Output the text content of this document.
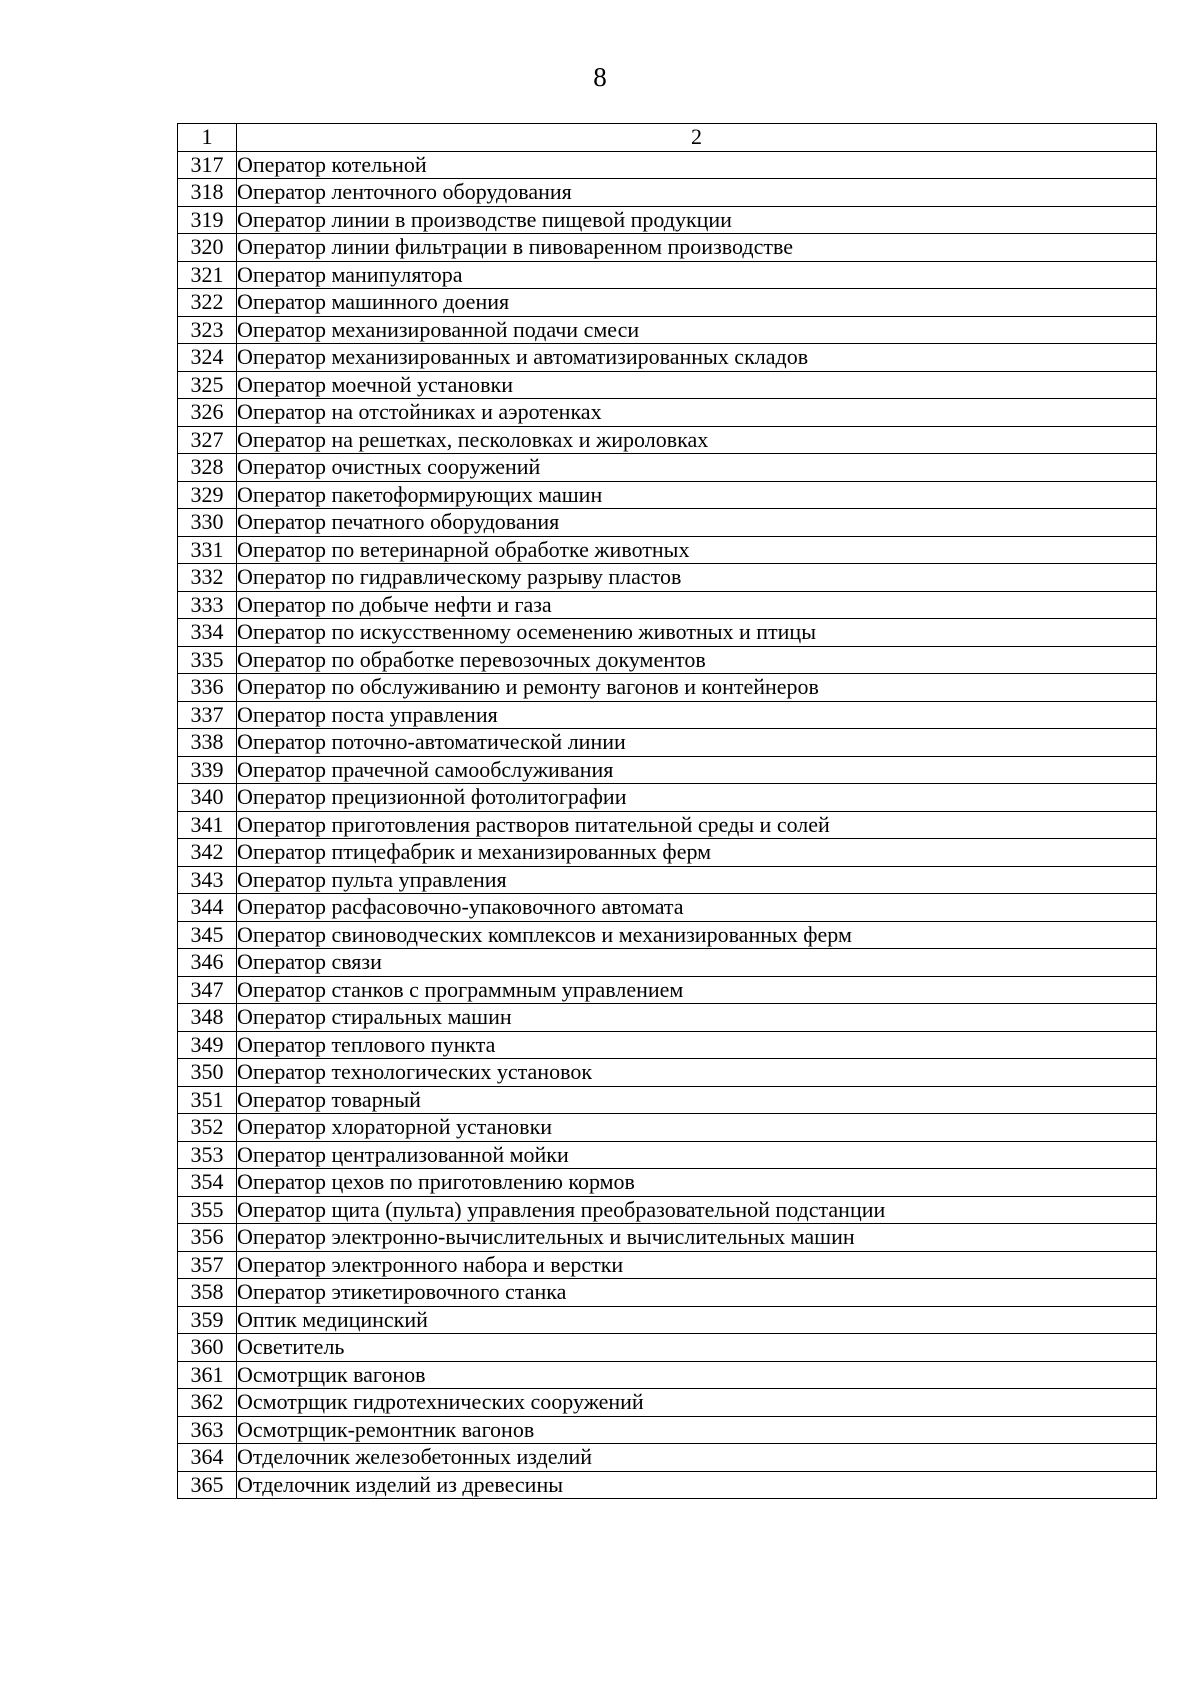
8
1	2
317	Оператор котельной
318	Оператор ленточного оборудования
319	Оператор линии в производстве пищевой продукции
320	Оператор линии фильтрации в пивоваренном производстве
321	Оператор манипулятора
322	Оператор машинного доения
323	Оператор механизированной подачи смеси
324	Оператор механизированных и автоматизированных складов
325	Оператор моечной установки
326	Оператор на отстойниках и аэротенках
327	Оператор на решетках, песколовках и жироловках
328	Оператор очистных сооружений
329	Оператор пакетоформирующих машин
330	Оператор печатного оборудования
331	Оператор по ветеринарной обработке животных
332	Оператор по гидравлическому разрыву пластов
333	Оператор по добыче нефти и газа
334	Оператор по искусственному осеменению животных и птицы
335	Оператор по обработке перевозочных документов
336	Оператор по обслуживанию и ремонту вагонов и контейнеров
337	Оператор поста управления
338	Оператор поточно-автоматической линии
339	Оператор прачечной самообслуживания
340	Оператор прецизионной фотолитографии
341	Оператор приготовления растворов питательной среды и солей
342	Оператор птицефабрик и механизированных ферм
343	Оператор пульта управления
344	Оператор расфасовочно-упаковочного автомата
345	Оператор свиноводческих комплексов и механизированных ферм
346	Оператор связи
347	Оператор станков с программным управлением
348	Оператор стиральных машин
349	Оператор теплового пункта
350	Оператор технологических установок
351	Оператор товарный
352	Оператор хлораторной установки
353	Оператор централизованной мойки
354	Оператор цехов по приготовлению кормов
355	Оператор щита (пульта) управления преобразовательной подстанции
356	Оператор электронно-вычислительных и вычислительных машин
357	Оператор электронного набора и верстки
358	Оператор этикетировочного станка
359	Оптик медицинский
360	Осветитель
361	Осмотрщик вагонов
362	Осмотрщик гидротехнических сооружений
363	Осмотрщик-ремонтник вагонов
364	Отделочник железобетонных изделий
365	Отделочник изделий из древесины
